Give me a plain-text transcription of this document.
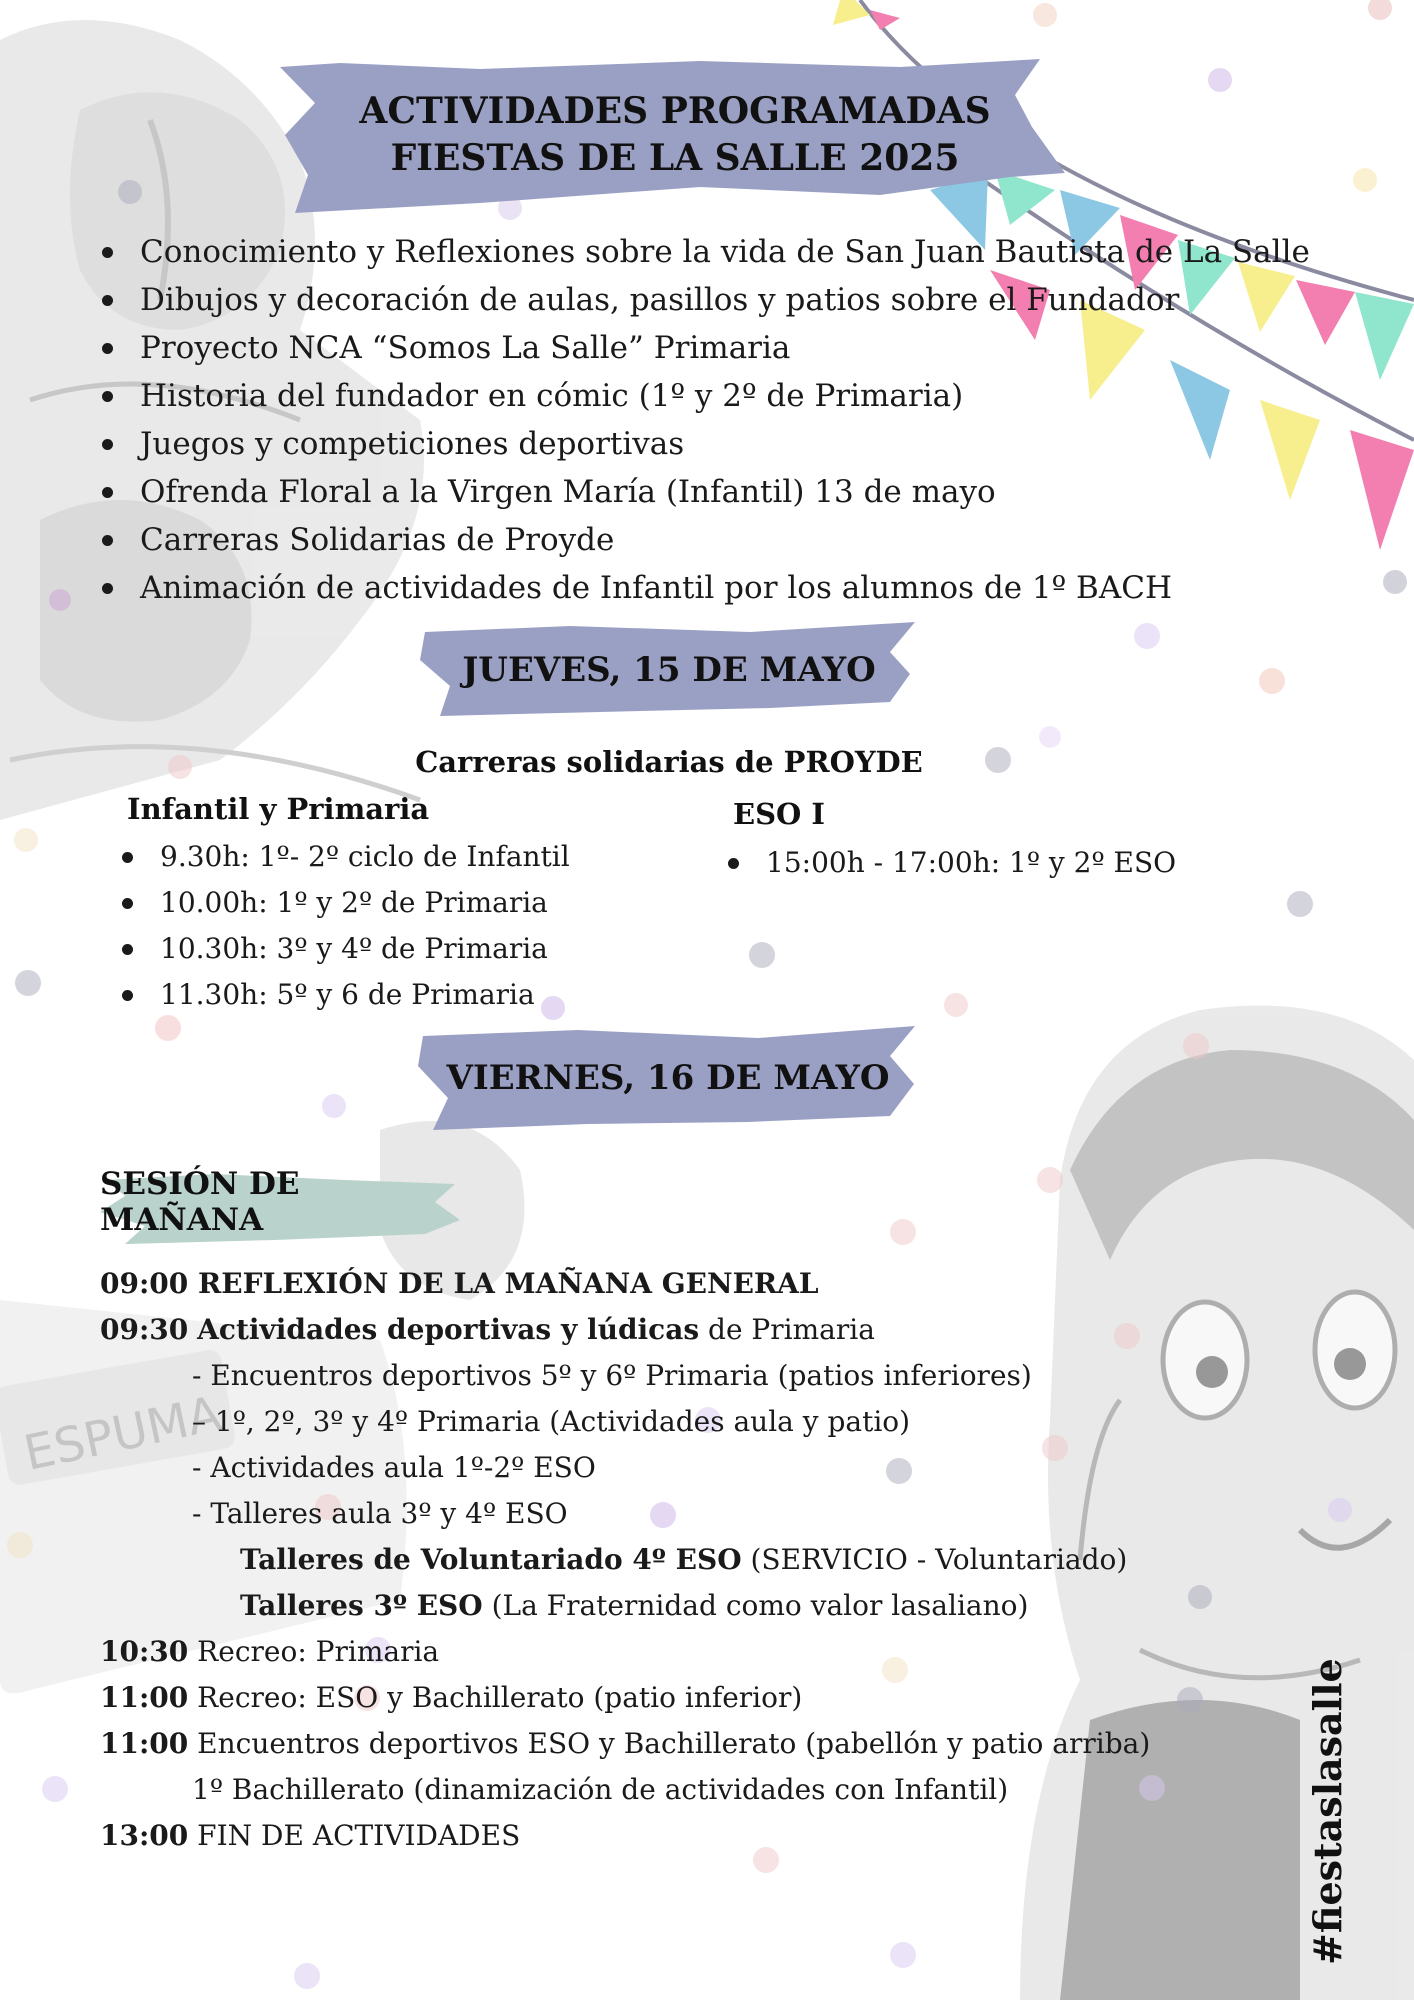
ESPUMA
ACTIVIDADES PROGRAMADAS
FIESTAS DE LA SALLE 2025
Conocimiento y Reflexiones sobre la vida de San Juan Bautista de La Salle
Dibujos y decoración de aulas, pasillos y patios sobre el Fundador
Proyecto NCA “Somos La Salle” Primaria
Historia del fundador en cómic (1º y 2º de Primaria)
Juegos y competiciones deportivas
Ofrenda Floral a la Virgen María (Infantil) 13 de mayo
Carreras Solidarias de Proyde
Animación de actividades de Infantil por los alumnos de 1º BACH
JUEVES, 15 DE MAYO
Carreras solidarias de PROYDE
Infantil y Primaria
9.30h: 1º- 2º ciclo de Infantil
10.00h: 1º y 2º de Primaria
10.30h: 3º y 4º de Primaria
11.30h: 5º y 6 de Primaria
ESO I
15:00h - 17:00h: 1º y 2º ESO
VIERNES, 16 DE MAYO
SESIÓN DE MAÑANA
09:00 REFLEXIÓN DE LA MAÑANA GENERAL
09:30 Actividades deportivas y lúdicas de Primaria
- Encuentros deportivos 5º y 6º Primaria (patios inferiores)
– 1º, 2º, 3º y 4º Primaria (Actividades aula y patio)
- Actividades aula 1º-2º ESO
- Talleres aula 3º y 4º ESO
Talleres de Voluntariado 4º ESO (SERVICIO - Voluntariado)
Talleres 3º ESO (La Fraternidad como valor lasaliano)
10:30 Recreo: Primaria
11:00 Recreo: ESO y Bachillerato (patio inferior)
11:00 Encuentros deportivos ESO y Bachillerato (pabellón y patio arriba)
1º Bachillerato (dinamización de actividades con Infantil)
13:00 FIN DE ACTIVIDADES	#fiestaslasalle
